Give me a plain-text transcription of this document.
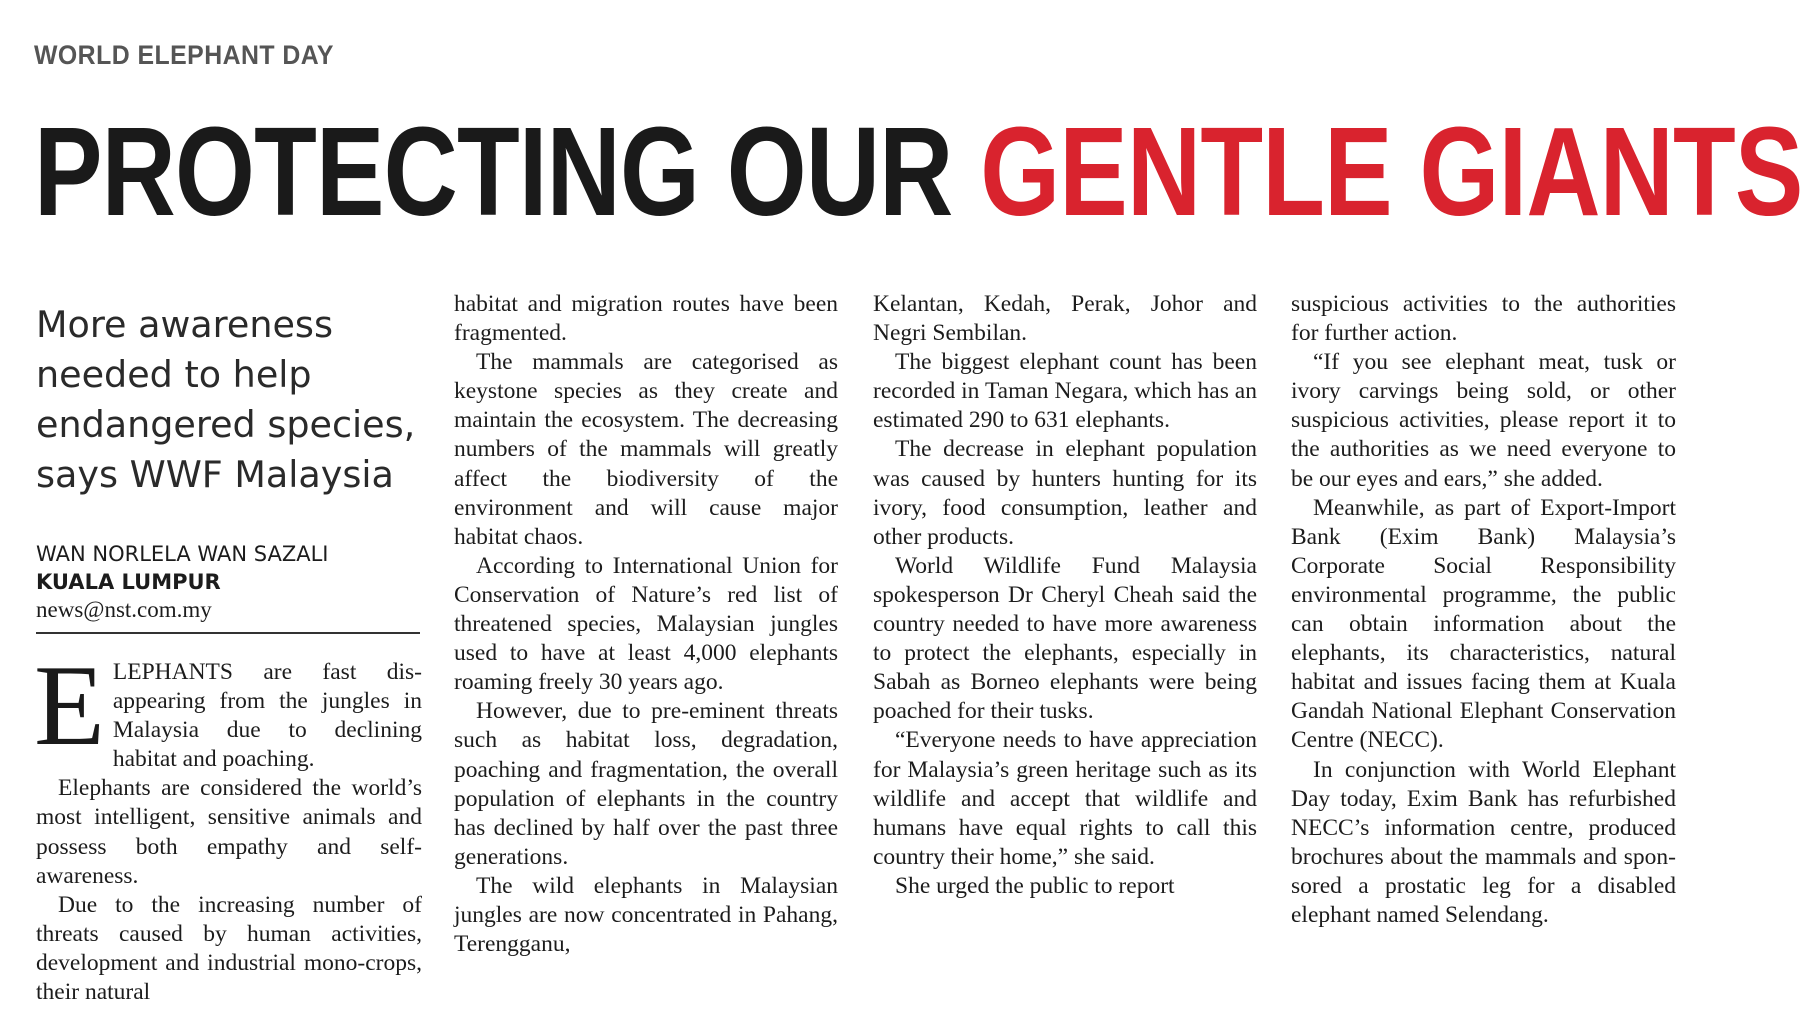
WORLD ELEPHANT DAY
PROTECTING OUR GENTLE GIANTS
More awareness needed to help endangered species, says WWF Malaysia
WAN NORLELA WAN SAZALI
KUALA LUMPUR
news@nst.com.my

ELEPHANTS are fast disappearing from the jungles in Malaysia due to declining habitat and poaching.

Elephants are considered the world’s most intelligent, sensitive animals and possess both empathy and self-awareness.

Due to the increasing number of threats caused by human activities, development and industrial mono-crops, their natural

habitat and migration routes have been fragmented.

The mammals are categorised as keystone species as they create and maintain the ecosystem. The decreasing numbers of the mammals will greatly affect the biodiversity of the environment and will cause major habitat chaos.

According to International Union for Conservation of Nature’s red list of threatened species, Malaysian jungles used to have at least 4,000 elephants roaming freely 30 years ago.

However, due to pre-eminent threats such as habitat loss, degradation, poaching and fragmentation, the overall population of elephants in the country has declined by half over the past three generations.

The wild elephants in Malaysian jungles are now concentrated in Pahang, Terengganu,

Kelantan, Kedah, Perak, Johor and Negri Sembilan.

The biggest elephant count has been recorded in Taman Negara, which has an estimated 290 to 631 elephants.

The decrease in elephant population was caused by hunters hunting for its ivory, food consumption, leather and other products.

World Wildlife Fund Malaysia spokesperson Dr Cheryl Cheah said the country needed to have more awareness to protect the elephants, especially in Sabah as Borneo elephants were being poached for their tusks.

“Everyone needs to have appreciation for Malaysia’s green heritage such as its wildlife and accept that wildlife and humans have equal rights to call this country their home,” she said.

She urged the public to report

suspicious activities to the authorities for further action.

“If you see elephant meat, tusk or ivory carvings being sold, or other suspicious activities, please report it to the authorities as we need everyone to be our eyes and ears,” she added.

Meanwhile, as part of Export-Import Bank (Exim Bank) Malaysia’s Corporate Social Responsibility environmental programme, the public can obtain information about the elephants, its characteristics, natural habitat and issues facing them at Kuala Gandah National Elephant Conservation Centre (NECC).

In conjunction with World Elephant Day today, Exim Bank has refurbished NECC’s information centre, produced brochures about the mammals and sponsored a prostatic leg for a disabled elephant named Selendang.
